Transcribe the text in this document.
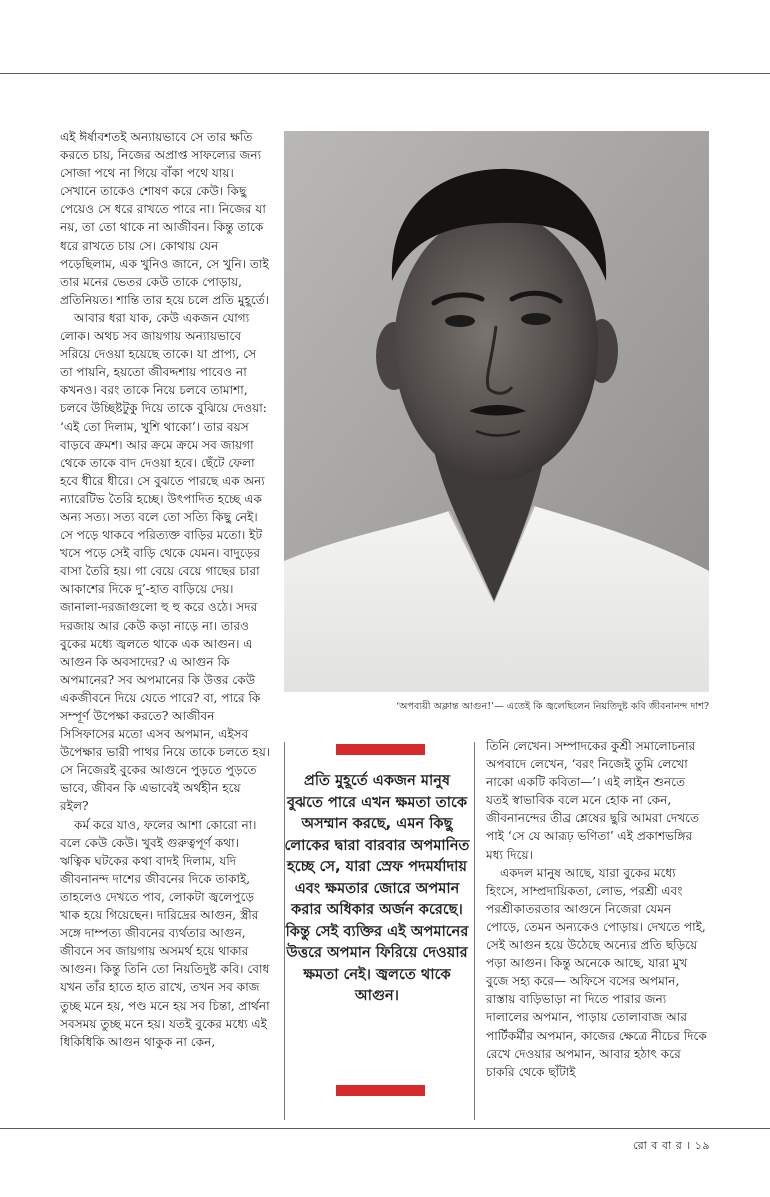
এই ঈর্ষাবশতই অন্যায়ভাবে সে তার ক্ষতি করতে চায়, নিজের অপ্রাপ্ত সাফল্যের জন্য সোজা পথে না গিয়ে বাঁকা পথে যায়। সেখানে তাকেও শোষণ করে কেউ। কিছু পেয়েও সে ধরে রাখতে পারে না। নিজের যা নয়, তা তো থাকে না আজীবন। কিন্তু তাকে ধরে রাখতে চায় সে। কোথায় যেন পড়েছিলাম, এক খুনিও জানে, সে খুনি। তাই তার মনের ভেতর কেউ তাকে পোড়ায়, প্রতিনিয়ত। শান্তি তার হয়ে চলে প্রতি মুহূর্তে।

আবার ধরা যাক, কেউ একজন যোগ্য লোক। অথচ সব জায়গায় অন্যায়ভাবে সরিয়ে দেওয়া হয়েছে তাকে। যা প্রাপ্য, সে তা পায়নি, হয়তো জীবদ্দশায় পাবেও না কখনও। বরং তাকে নিয়ে চলবে তামাশা, চলবে উচ্ছিষ্টটুকু দিয়ে তাকে বুঝিয়ে দেওয়া: ‘এই তো দিলাম, খুশি থাকো’। তার বয়স বাড়বে ক্রমশ। আর ক্রমে ক্রমে সব জায়গা থেকে তাকে বাদ দেওয়া হবে। ছেঁটে ফেলা হবে ধীরে ধীরে। সে বুঝতে পারছে এক অন্য ন্যারেটিভ তৈরি হচ্ছে। উৎপাদিত হচ্ছে এক অন্য সত্য। সত্য বলে তো সত্যি কিছু নেই। সে পড়ে থাকবে পরিত্যক্ত বাড়ির মতো। ইট খসে পড়ে সেই বাড়ি থেকে যেমন। বাদুড়ের বাসা তৈরি হয়। গা বেয়ে বেয়ে গাছের চারা আকাশের দিকে দু’-হাত বাড়িয়ে দেয়। জানালা-দরজাগুলো হু হু করে ওঠে। সদর দরজায় আর কেউ কড়া নাড়ে না। তারও বুকের মধ্যে জ্বলতে থাকে এক আগুন। এ আগুন কি অবসাদের? এ আগুন কি অপমানের? সব অপমানের কি উত্তর কেউ একজীবনে দিয়ে যেতে পারে? বা, পারে কি সম্পূর্ণ উপেক্ষা করতে? আজীবন সিসিফাসের মতো এসব অপমান, এইসব উপেক্ষার ভারী পাথর নিয়ে তাকে চলতে হয়। সে নিজেরই বুকের আগুনে পুড়তে পুড়তে ভাবে, জীবন কি এভাবেই অর্থহীন হয়ে রইল?

কর্ম করে যাও, ফলের আশা কোরো না। বলে কেউ কেউ। খুবই গুরুত্বপূর্ণ কথা। ঋত্বিক ঘটকের কথা বাদই দিলাম, যদি জীবনানন্দ দাশের জীবনের দিকে তাকাই, তাহলেও দেখতে পাব, লোকটা জ্বলেপুড়ে খাক হয়ে গিয়েছেন। দারিদ্রের আগুন, স্ত্রীর সঙ্গে দাম্পত্য জীবনের ব্যর্থতার আগুন, জীবনে সব জায়গায় অসমর্থ হয়ে থাকার আগুন। কিন্তু তিনি তো নিয়তিদুষ্ট কবি। বোধ যখন তাঁর হাতে হাত রাখে, তখন সব কাজ তুচ্ছ মনে হয়, পণ্ড মনে হয় সব চিন্তা, প্রার্থনা সবসময় তুচ্ছ মনে হয়। যতই বুকের মধ্যে এই ধিকিধিকি আগুন থাকুক না কেন,

‘অপব্যয়ী অক্লান্ত আগুন!’— এতেই কি জ্বলেছিলেন নিয়তিদুষ্ট কবি জীবনানন্দ দাশ?
প্রতি মুহূর্তে একজন মানুষ বুঝতে পারে এখন ক্ষমতা তাকে অসম্মান করছে, এমন কিছু লোকের দ্বারা বারবার অপমানিত হচ্ছে সে, যারা স্রেফ পদমর্যাদায় এবং ক্ষমতার জোরে অপমান করার অধিকার অর্জন করেছে। কিন্তু সেই ব্যক্তির এই অপমানের উত্তরে অপমান ফিরিয়ে দেওয়ার ক্ষমতা নেই। জ্বলতে থাকে আগুন।

তিনি লেখেন। সম্পাদকের কুশ্রী সমালোচনার অপবাদে লেখেন, ‘বরং নিজেই তুমি লেখো নাকো একটি কবিতা—’। এই লাইন শুনতে যতই স্বাভাবিক বলে মনে হোক না কেন, জীবনানন্দের তীব্র শ্লেষের ছুরি আমরা দেখতে পাই ‘সে যে আরূঢ় ভণিতা’ এই প্রকাশভঙ্গির মধ্য দিয়ে।

একদল মানুষ আছে, যারা বুকের মধ্যে হিংসে, সাম্প্রদায়িকতা, লোভ, পরশ্রী এবং পরশ্রীকাতরতার আগুনে নিজেরা যেমন পোড়ে, তেমন অন্যকেও পোড়ায়। দেখতে পাই, সেই আগুন হয়ে উঠেছে অন্যের প্রতি ছড়িয়ে পড়া আগুন। কিন্তু অনেকে আছে, যারা মুখ বুজে সহ্য করে— অফিসে বসের অপমান, রাস্তায় বাড়িভাড়া না দিতে পারার জন্য দালালের অপমান, পাড়ায় তোলাবাজ আর পার্টিকর্মীর অপমান, কাজের ক্ষেত্রে নীচের দিকে রেখে দেওয়ার অপমান, আবার হঠাৎ করে চাকরি থেকে ছাঁটাই

রো ব বা র । ১৯
